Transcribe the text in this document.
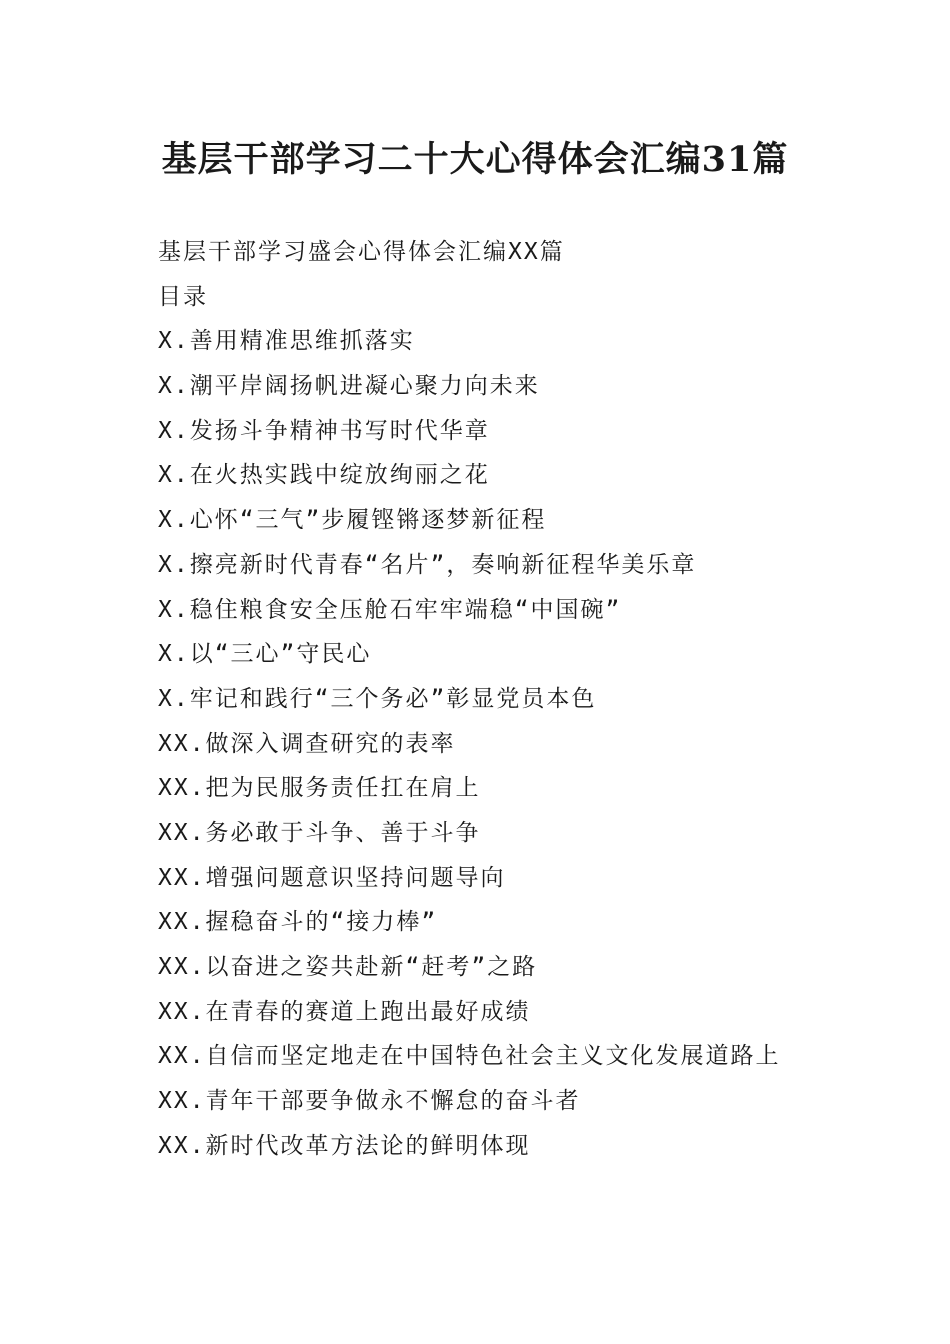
基层干部学习二十大心得体会汇编31篇
基层干部学习盛会心得体会汇编XX篇
目录
X.善用精准思维抓落实
X.潮平岸阔扬帆进凝心聚力向未来
X.发扬斗争精神书写时代华章
X.在火热实践中绽放绚丽之花
X.心怀“三气”步履铿锵逐梦新征程
X.擦亮新时代青春“名片”，奏响新征程华美乐章
X.稳住粮食安全压舱石牢牢端稳“中国碗”
X.以“三心”守民心
X.牢记和践行“三个务必”彰显党员本色
XX.做深入调查研究的表率
XX.把为民服务责任扛在肩上
XX.务必敢于斗争、善于斗争
XX.增强问题意识坚持问题导向
XX.握稳奋斗的“接力棒”
XX.以奋进之姿共赴新“赶考”之路
XX.在青春的赛道上跑出最好成绩
XX.自信而坚定地走在中国特色社会主义文化发展道路上
XX.青年干部要争做永不懈怠的奋斗者
XX.新时代改革方法论的鲜明体现
